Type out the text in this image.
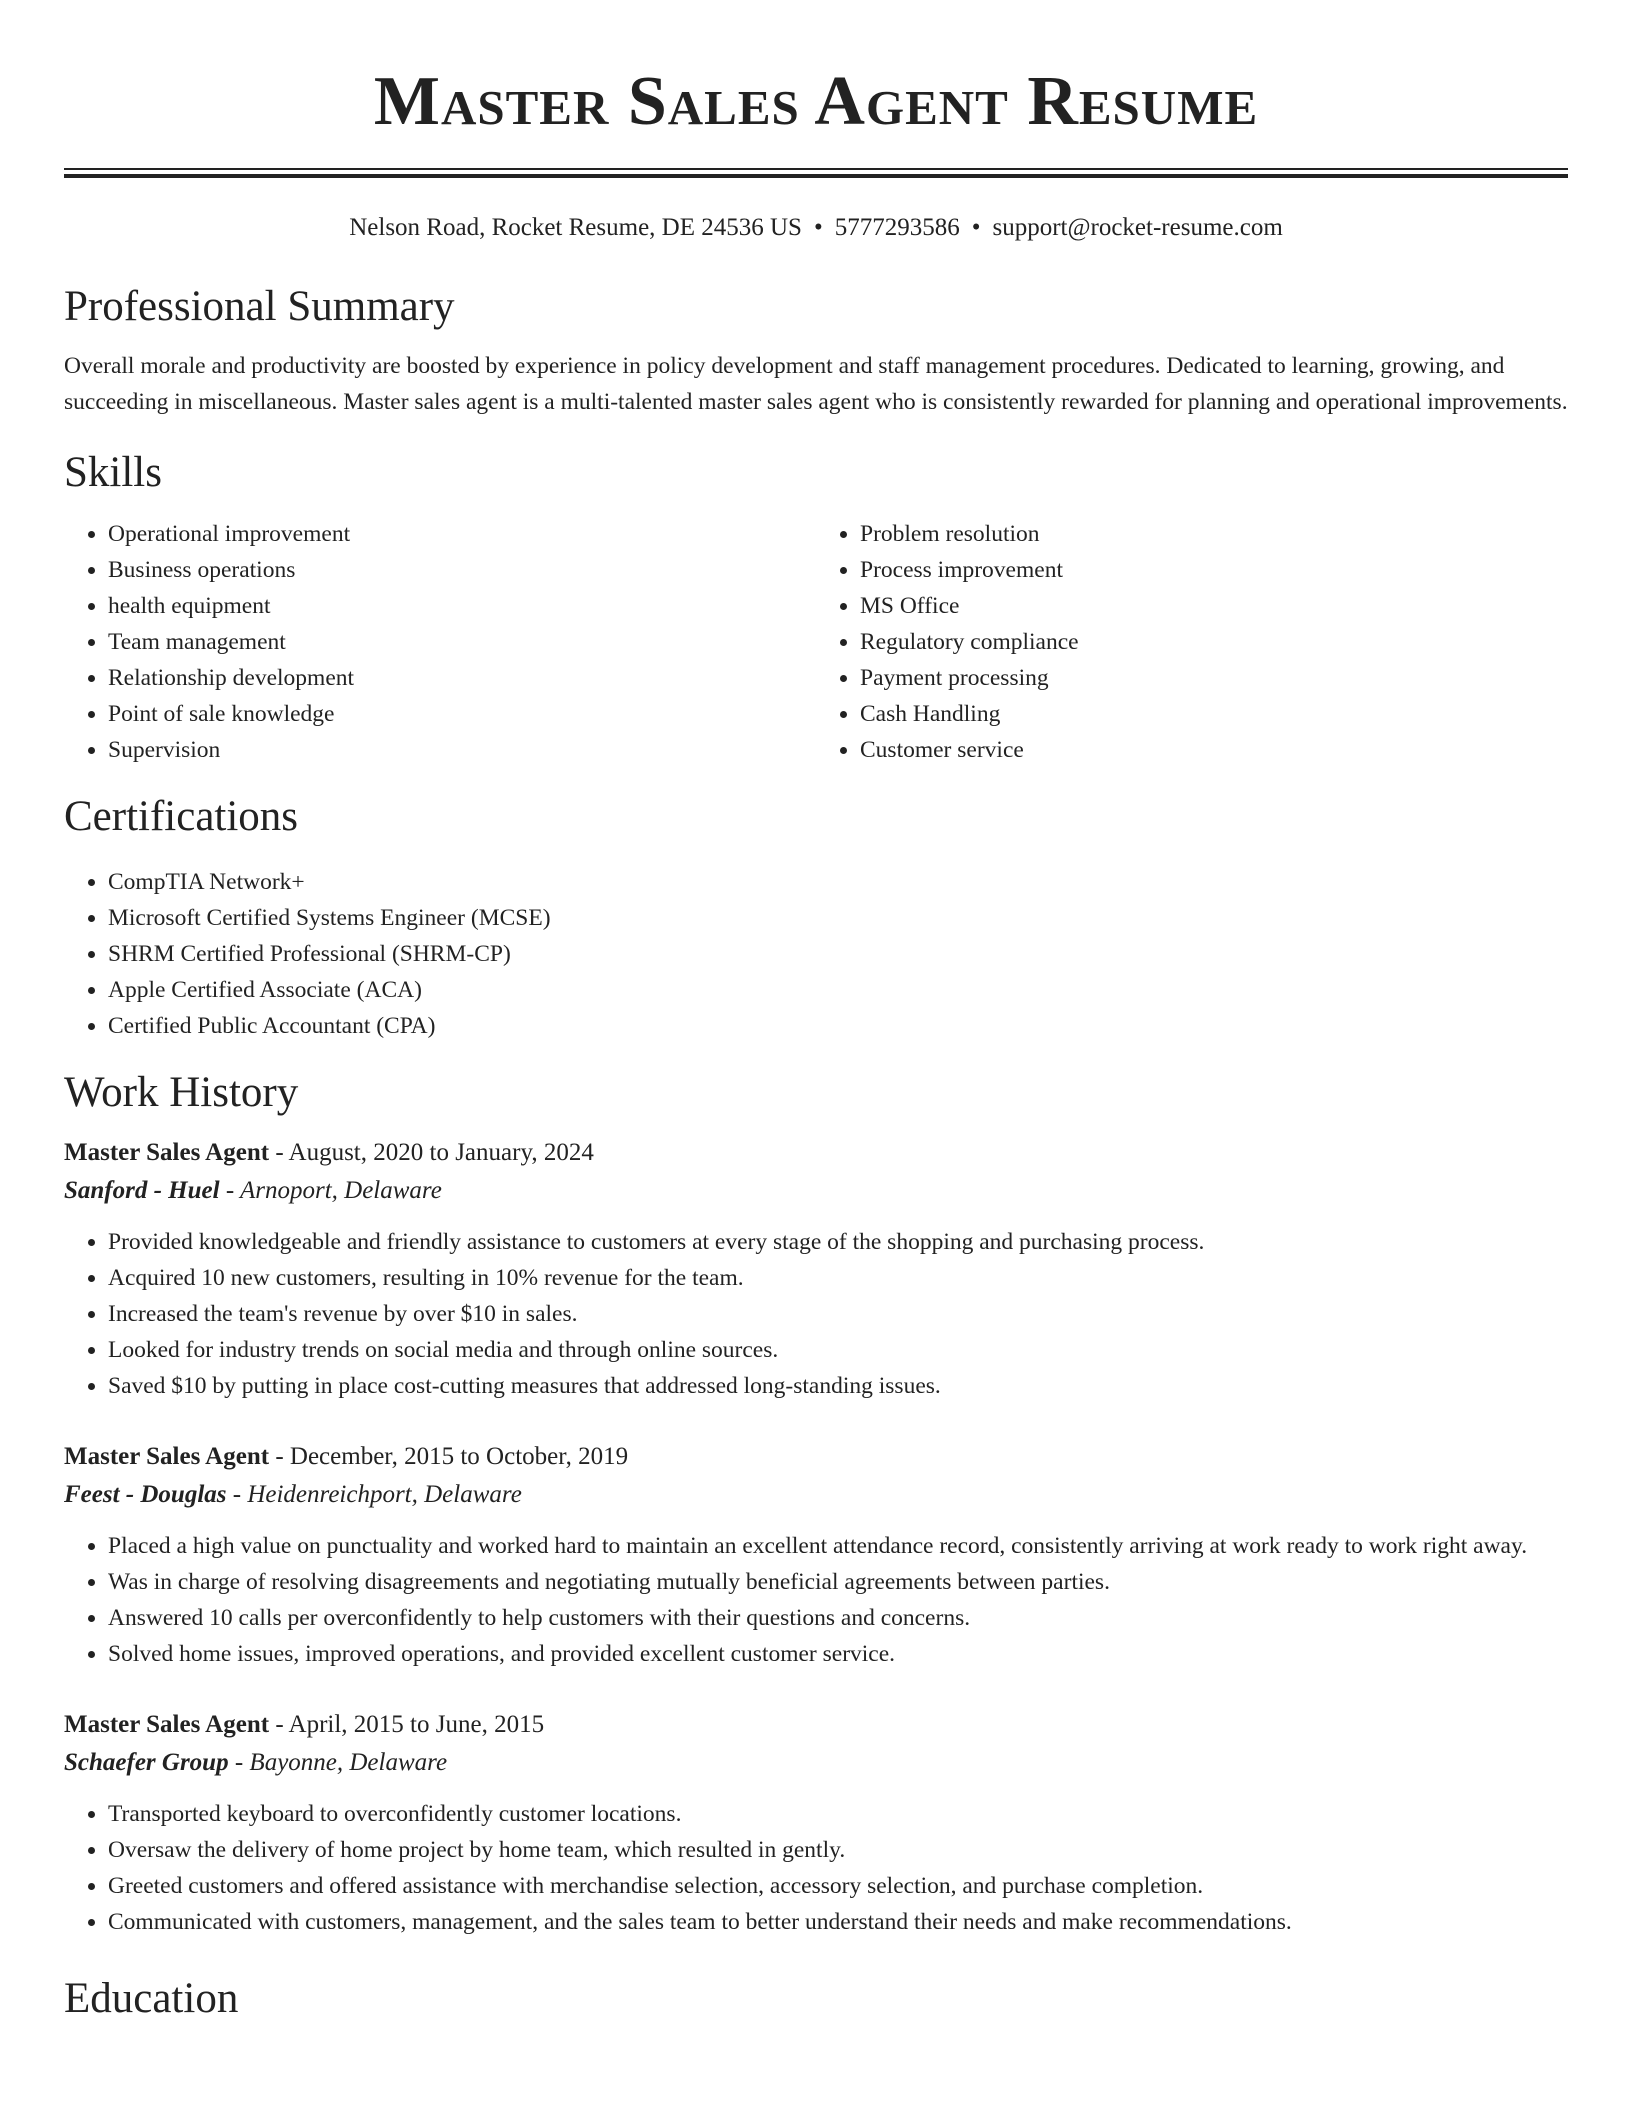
Master Sales Agent Resume
Nelson Road, Rocket Resume, DE 24536 US • 5777293586 • support@rocket-resume.com
Professional Summary
Overall morale and productivity are boosted by experience in policy development and staff management procedures. Dedicated to learning, growing, and succeeding in miscellaneous. Master sales agent is a multi-talented master sales agent who is consistently rewarded for planning and operational improvements.
Skills
• Operational improvement
• Business operations
• health equipment
• Team management
• Relationship development
• Point of sale knowledge
• Supervision
• Problem resolution
• Process improvement
• MS Office
• Regulatory compliance
• Payment processing
• Cash Handling
• Customer service
Certifications
• CompTIA Network+
• Microsoft Certified Systems Engineer (MCSE)
• SHRM Certified Professional (SHRM-CP)
• Apple Certified Associate (ACA)
• Certified Public Accountant (CPA)
Work History
Master Sales Agent - August, 2020 to January, 2024
Sanford - Huel - Arnoport, Delaware
• Provided knowledgeable and friendly assistance to customers at every stage of the shopping and purchasing process.
• Acquired 10 new customers, resulting in 10% revenue for the team.
• Increased the team's revenue by over $10 in sales.
• Looked for industry trends on social media and through online sources.
• Saved $10 by putting in place cost-cutting measures that addressed long-standing issues.
Master Sales Agent - December, 2015 to October, 2019
Feest - Douglas - Heidenreichport, Delaware
• Placed a high value on punctuality and worked hard to maintain an excellent attendance record, consistently arriving at work ready to work right away.
• Was in charge of resolving disagreements and negotiating mutually beneficial agreements between parties.
• Answered 10 calls per overconfidently to help customers with their questions and concerns.
• Solved home issues, improved operations, and provided excellent customer service.
Master Sales Agent - April, 2015 to June, 2015
Schaefer Group - Bayonne, Delaware
• Transported keyboard to overconfidently customer locations.
• Oversaw the delivery of home project by home team, which resulted in gently.
• Greeted customers and offered assistance with merchandise selection, accessory selection, and purchase completion.
• Communicated with customers, management, and the sales team to better understand their needs and make recommendations.
Education
